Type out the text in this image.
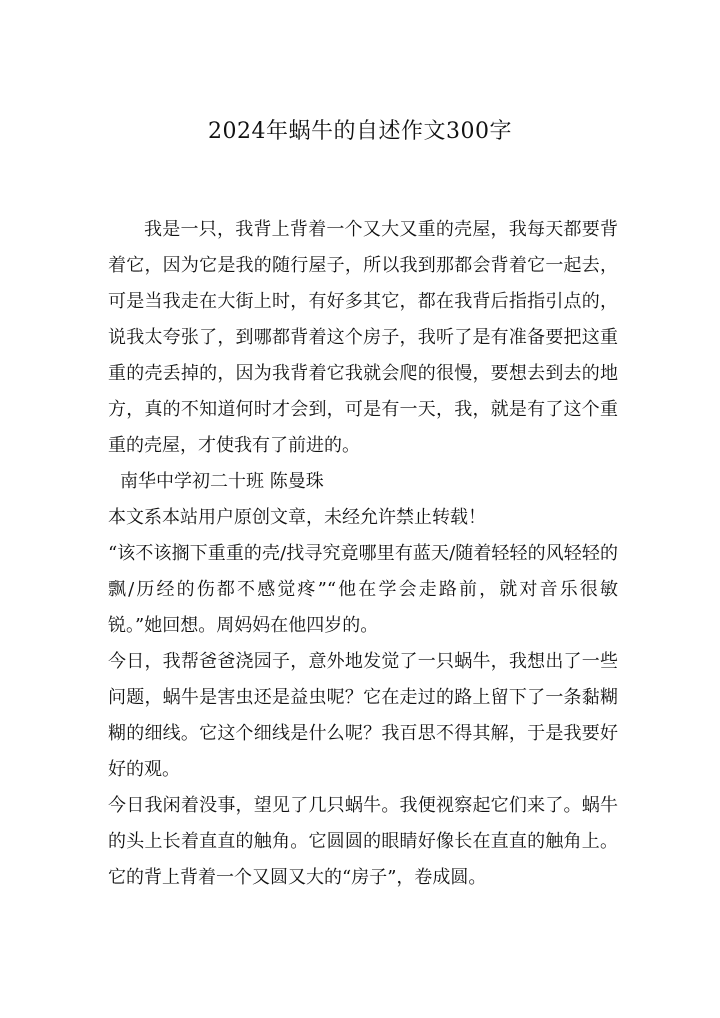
2024年蜗牛的自述作文300字

我是一只，我背上背着一个又大又重的壳屋，我每天都要背着它，因为它是我的随行屋子，所以我到那都会背着它一起去，可是当我走在大街上时，有好多其它，都在我背后指指引点的，说我太夸张了，到哪都背着这个房子，我听了是有准备要把这重重的壳丢掉的，因为我背着它我就会爬的很慢，要想去到去的地方，真的不知道何时才会到，可是有一天，我，就是有了这个重重的壳屋，才使我有了前进的。

南华中学初二十班 陈曼珠

本文系本站用户原创文章，未经允许禁止转载！

“该不该搁下重重的壳/找寻究竟哪里有蓝天/随着轻轻的风轻轻的飘/历经的伤都不感觉疼”“他在学会走路前，就对音乐很敏锐。”她回想。周妈妈在他四岁的。

今日，我帮爸爸浇园子，意外地发觉了一只蜗牛，我想出了一些问题，蜗牛是害虫还是益虫呢？它在走过的路上留下了一条黏糊糊的细线。它这个细线是什么呢？我百思不得其解，于是我要好好的观。

今日我闲着没事，望见了几只蜗牛。我便视察起它们来了。蜗牛的头上长着直直的触角。它圆圆的眼睛好像长在直直的触角上。它的背上背着一个又圆又大的“房子”，卷成圆。
